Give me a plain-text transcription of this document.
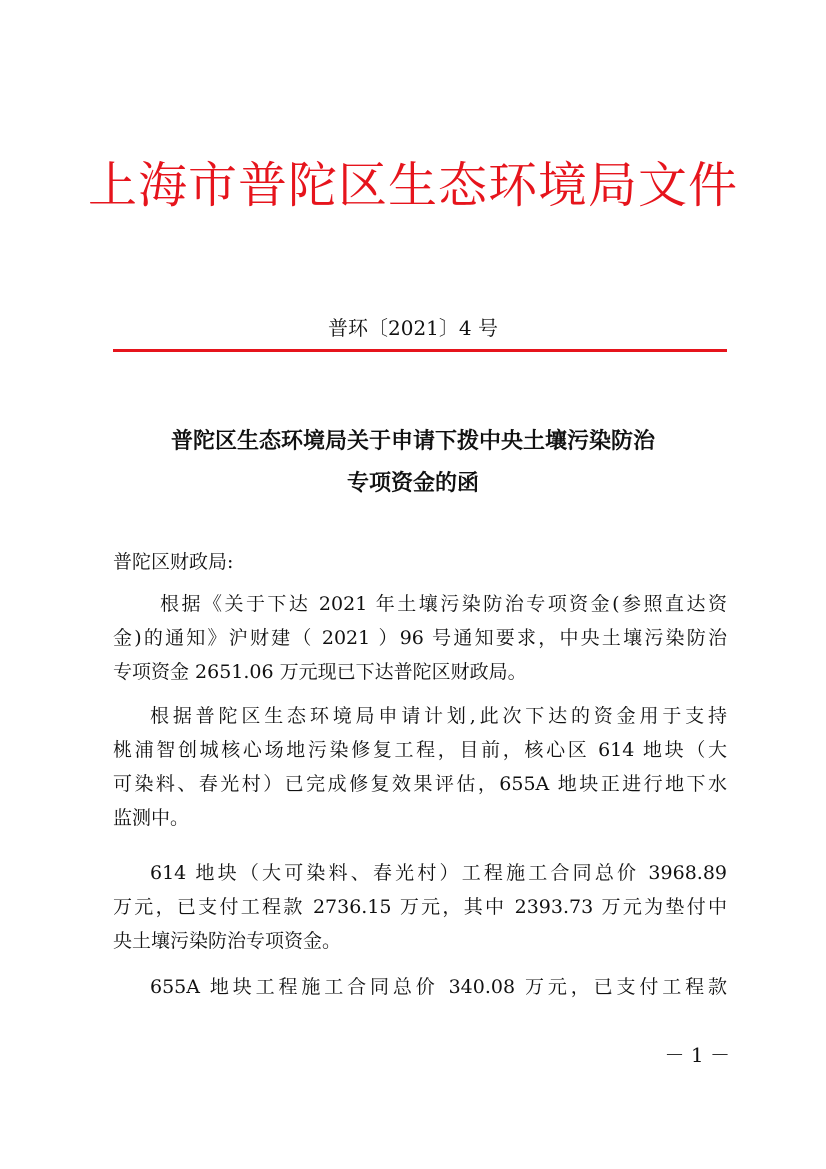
上海市普陀区生态环境局文件
普环〔2021〕4 号
普陀区生态环境局关于申请下拨中央土壤污染防治
专项资金的函
普陀区财政局:
根据《关于下达 2021 年土壤污染防治专项资金(参照直达资
金)的通知》沪财建（ 2021 ）96 号通知要求，中央土壤污染防治
专项资金 2651.06 万元现已下达普陀区财政局。
根据普陀区生态环境局申请计划,此次下达的资金用于支持
桃浦智创城核心场地污染修复工程，目前，核心区 614 地块（大
可染料、春光村）已完成修复效果评估，655A 地块正进行地下水
监测中。
614 地块（大可染料、春光村）工程施工合同总价 3968.89
万元，已支付工程款 2736.15 万元，其中 2393.73 万元为垫付中
央土壤污染防治专项资金。
655A 地块工程施工合同总价 340.08 万元，已支付工程款
－ 1 －
